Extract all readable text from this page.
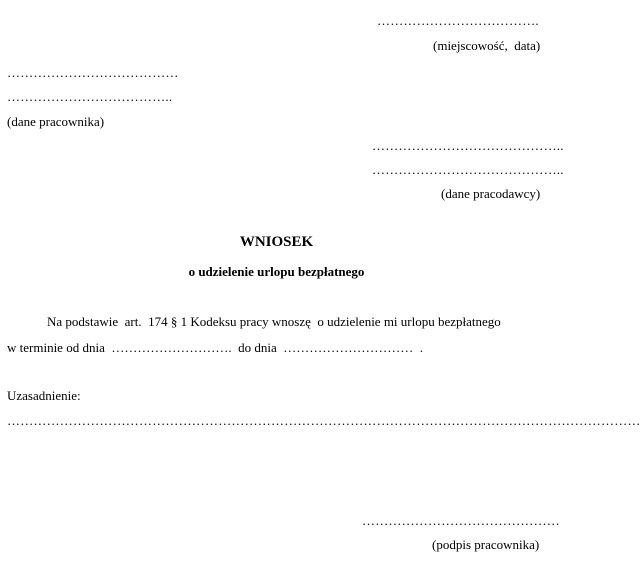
……………………………….
(miejscowość,  data)
…………………………………
………………………………..
(dane pracownika)
……………………………………..
……………………………………..
(dane pracodawcy)
WNIOSEK
o udzielenie urlopu bezpłatnego
Na podstawie  art.  174 § 1 Kodeksu pracy wnoszę  o udzielenie mi urlopu bezpłatnego
w terminie od dnia  ……………………….  do dnia  …………………………  .
Uzasadnienie:
………………………………………………………………………………………………………………………………
………………………………………
(podpis pracownika)
